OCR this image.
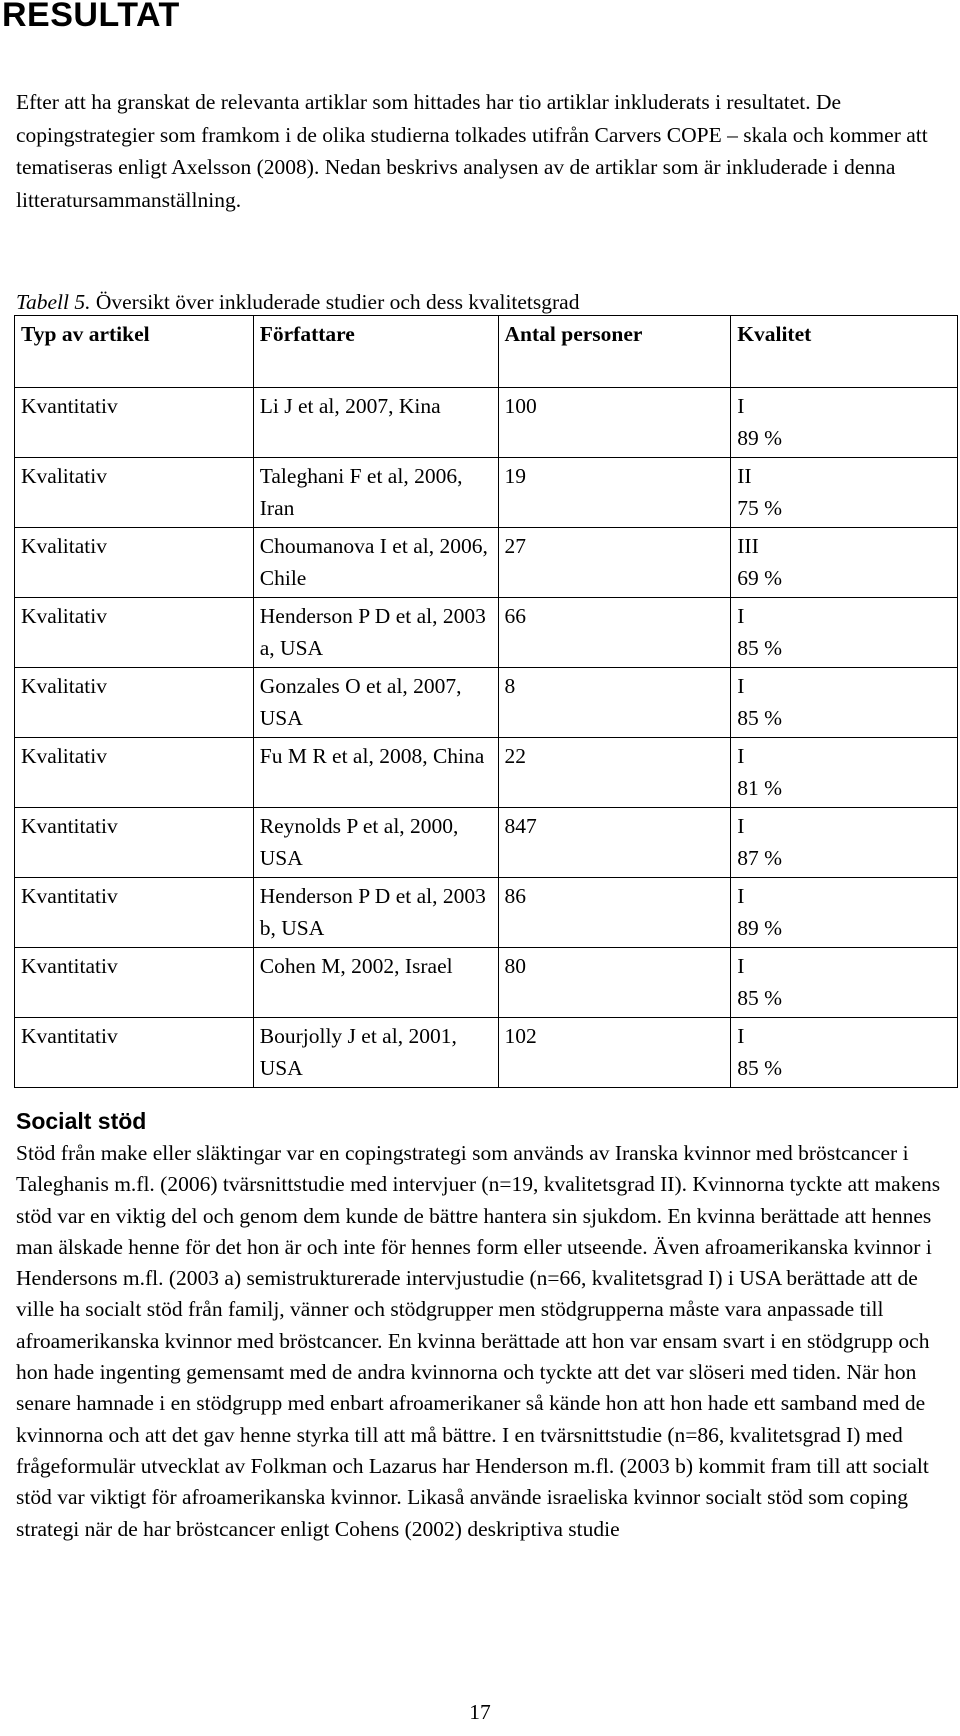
RESULTAT

Efter att ha granskat de relevanta artiklar som hittades har tio artiklar inkluderats i resultatet. De copingstrategier som framkom i de olika studierna tolkades utifrån Carvers COPE – skala och kommer att tematiseras enligt Axelsson (2008). Nedan beskrivs analysen av de artiklar som är inkluderade i denna litteratursammanställning.

Tabell 5. Översikt över inkluderade studier och dess kvalitetsgrad

Typ av artikel	Författare	Antal personer	Kvalitet

Kvantitativ	Li J et al, 2007, Kina	100	I
89 %

Kvalitativ	Taleghani F et al, 2006, Iran	19	II
75 %

Kvalitativ	Choumanova I et al, 2006, Chile	27	III
69 %

Kvalitativ	Henderson P D et al, 2003 a, USA	66	I
85 %

Kvalitativ	Gonzales O et al, 2007, USA	8	I
85 %

Kvalitativ	Fu M R et al, 2008, China	22	I
81 %

Kvantitativ	Reynolds P et al, 2000, USA	847	I
87 %

Kvantitativ	Henderson P D et al, 2003 b, USA	86	I
89 %

Kvantitativ	Cohen M, 2002, Israel	80	I
85 %

Kvantitativ	Bourjolly J et al, 2001, USA	102	I
85 %
Socialt stöd

Stöd från make eller släktingar var en copingstrategi som används av Iranska kvinnor med bröstcancer i Taleghanis m.fl. (2006) tvärsnittstudie med intervjuer (n=19, kvalitetsgrad II). Kvinnorna tyckte att makens stöd var en viktig del och genom dem kunde de bättre hantera sin sjukdom. En kvinna berättade att hennes man älskade henne för det hon är och inte för hennes form eller utseende. Även afroamerikanska kvinnor i Hendersons m.fl. (2003 a) semistrukturerade intervjustudie (n=66, kvalitetsgrad I) i USA berättade att de ville ha socialt stöd från familj, vänner och stödgrupper men stödgrupperna måste vara anpassade till afroamerikanska kvinnor med bröstcancer. En kvinna berättade att hon var ensam svart i en stödgrupp och hon hade ingenting gemensamt med de andra kvinnorna och tyckte att det var slöseri med tiden. När hon senare hamnade i en stödgrupp med enbart afroamerikaner så kände hon att hon hade ett samband med de kvinnorna och att det gav henne styrka till att må bättre. I en tvärsnittstudie (n=86, kvalitetsgrad I) med frågeformulär utvecklat av Folkman och Lazarus har Henderson m.fl. (2003 b) kommit fram till att socialt stöd var viktigt för afroamerikanska kvinnor. Likaså använde israeliska kvinnor socialt stöd som coping strategi när de har bröstcancer enligt Cohens (2002) deskriptiva studie

17
